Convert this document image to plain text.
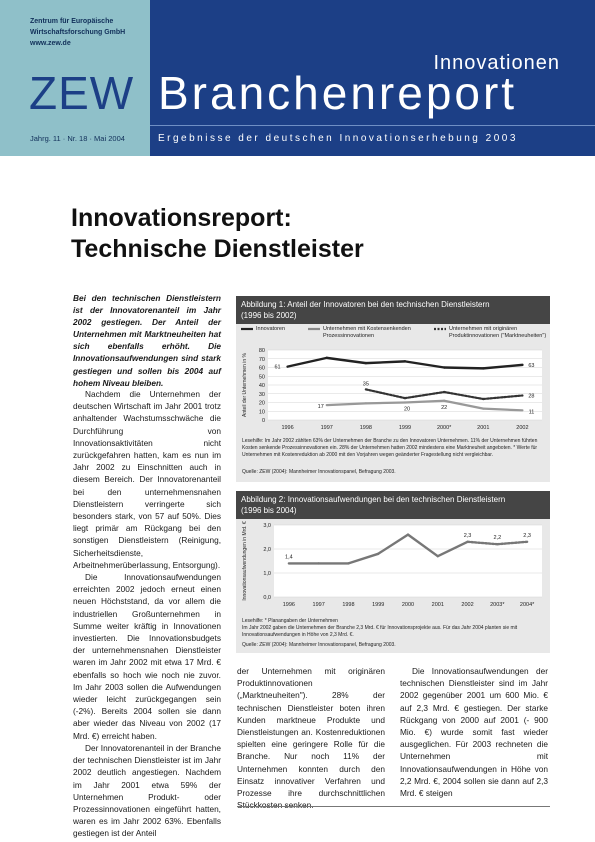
Zentrum für Europäische
Wirtschaftsforschung GmbH
www.zew.de
Innovationen
ZEW Branchenreport
Jahrg. 11 · Nr. 18 · Mai 2004	Ergebnisse der deutschen Innovationserhebung 2003
Innovationsreport:
Technische Dienstleister
Bei den technischen Dienstleistern ist der Innovatorenanteil im Jahr 2002 gestiegen. Der Anteil der Unternehmen mit Marktneuheiten hat sich ebenfalls erhöht. Die Innovationsaufwendungen sind stark gestiegen und sollen bis 2004 auf hohem Niveau bleiben.

Nachdem die Unternehmen der deutschen Wirtschaft im Jahr 2001 trotz anhaltender Wachstumsschwäche die Durchführung von Innovationsaktivitäten nicht zurückgefahren hatten, kam es nun im Jahr 2002 zu Einschnitten auch in diesem Bereich. Der Innovatorenanteil bei den unternehmensnahen Dienstleistern verringerte sich besonders stark, von 57 auf 50%. Dies liegt primär am Rückgang bei den sonstigen Dienstleistern (Reinigung, Sicherheitsdienste, Arbeitnehmerüberlassung, Entsorgung).

Die Innovationsaufwendungen erreichten 2002 jedoch erneut einen neuen Höchststand, da vor allem die industriellen Großunternehmen in Summe weiter kräftig in Innovationen investierten. Die Innovationsbudgets der unternehmensnahen Dienstleister waren im Jahr 2002 mit etwa 17 Mrd. € ebenfalls so hoch wie noch nie zuvor. Im Jahr 2003 sollen die Aufwendungen wieder leicht zurückgegangen sein (-2%). Bereits 2004 sollen sie dann aber wieder das Niveau von 2002 (17 Mrd. €) erreicht haben.

Der Innovatorenanteil in der Branche der technischen Dienstleister ist im Jahr 2002 deutlich angestiegen. Nachdem im Jahr 2001 etwa 59% der Unternehmen Produkt- oder Prozessinnovationen eingeführt hatten, waren es im Jahr 2002 63%. Ebenfalls gestiegen ist der Anteil

Abbildung 1: Anteil der Innovatoren bei den technischen Dienstleistern
(1996 bis 2002)
Innovatoren	Unternehmen mit Kostensenkenden Prozessinnovationen
Unternehmen mit originären Produktinnovationen ("Marktneuheiten")
0
10
20
30
40
50
60
70
80
1996	1997	1998	1999	2000*	2001	2002
Anteil der Unternehmen in %	61	63
17	20	22
11
35
28
Lesehilfe: Im Jahr 2002 zählten 63% der Unternehmen der Branche zu den Innovatoren Unternehmen. 11% der Unternehmen führten Kosten senkende Prozessinnovationen ein. 28% der Unternehmen hatten 2002 mindestens eine Marktneuheit angeboten. * Werte für Unternehmen mit Kostenreduktion ab 2000 mit den Vorjahren wegen geänderter Fragestellung nicht vergleichbar.
Quelle: ZEW (2004): Mannheimer Innovationspanel, Befragung 2003.
Abbildung 2: Innovationsaufwendungen bei den technischen Dienstleistern
(1996 bis 2004)
0,0
1,0
2,0
3,0
1996	1997	1998	1999	2000	2001	2002	2003*	2004*
Innovationsaufwendungen in Mrd. €	1,4
2,3	2,2	2,3
Lesehilfe: * Planangaben der Unternehmen
Im Jahr 2002 gaben die Unternehmen der Branche 2,3 Mrd. € für Innovationsprojekte aus. Für das Jahr 2004 planten sie mit Innovationsaufwendungen in Höhe von 2,3 Mrd. €.
Quelle: ZEW (2004): Mannheimer Innovationspanel, Befragung 2003.
der Unternehmen mit originären Produktinnovationen („Marktneuheiten"). 28% der technischen Dienstleister boten ihren Kunden marktneue Produkte und Dienstleistungen an. Kostenreduktionen spielten eine geringere Rolle für die Branche. Nur noch 11% der Unternehmen konnten durch den Einsatz innovativer Verfahren und Prozesse ihre durchschnittlichen

Die Innovationsaufwendungen der technischen Dienstleister sind im Jahr 2002 gegenüber 2001 um 600 Mio. € auf 2,3 Mrd. € gestiegen. Der starke Rückgang von 2000 auf 2001 (- 900 Mio. €) wurde somit fast wieder ausgeglichen. Für 2003 rechneten die Unternehmen mit Innovationsaufwendungen in Höhe von 2,2 Mrd. €, 2004 sollen sie dann auf 2,3 Mrd. € steigen
